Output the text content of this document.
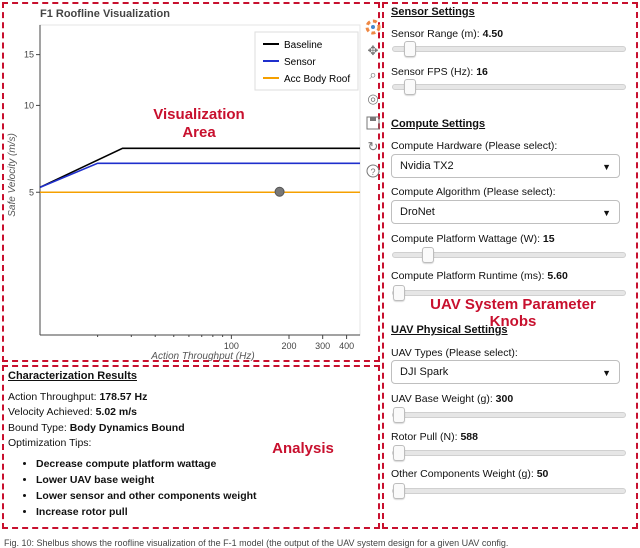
F1 Roofline Visualization
100	200 300 400
15
10
5
Action Throughput (Hz)
Safe Velocity (m/s)
Baseline
Sensor
Acc Body Roof
Visualization
Area
✥
⌕
◎
↻
?
Sensor Settings
Sensor Range (m): 4.50
Sensor FPS (Hz): 16
Compute Settings
Compute Hardware (Please select):
Nvidia TX2	▼
Compute Algorithm (Please select):
DroNet	▼
Compute Platform Wattage (W): 15
Compute Platform Runtime (ms): 5.60
UAV System Parameter
Knobs
UAV Physical Settings
UAV Types (Please select):
DJI Spark	▼
UAV Base Weight (g): 300
Rotor Pull (N): 588
Other Components Weight (g): 50
Characterization Results
Action Throughput: 178.57 Hz
Velocity Achieved: 5.02 m/s
Bound Type: Body Dynamics Bound
Optimization Tips:
• Decrease compute platform wattage
• Lower UAV base weight
• Lower sensor and other components weight
• Increase rotor pull
Analysis
Fig. 10: Shelbus shows the roofline visualization of the F-1 model (the output of the UAV system design for a given UAV config.
